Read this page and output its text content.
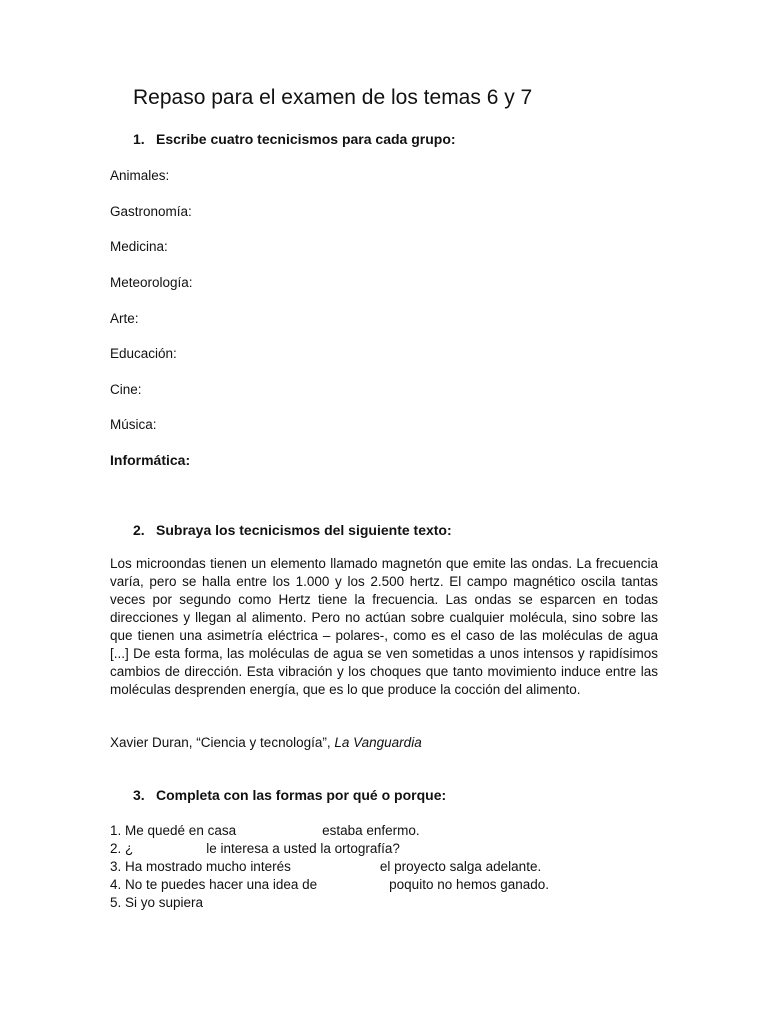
Repaso para el examen de los temas 6 y 7
1. Escribe cuatro tecnicismos para cada grupo:
Animales:
Gastronomía:
Medicina:
Meteorología:
Arte:
Educación:
Cine:
Música:
Informática:
2. Subraya los tecnicismos del siguiente texto:

Los microondas tienen un elemento llamado magnetón que emite las ondas. La frecuencia varía, pero se halla entre los 1.000 y los 2.500 hertz. El campo magnético oscila tantas veces por segundo como Hertz tiene la frecuencia. Las ondas se esparcen en todas direcciones y llegan al alimento. Pero no actúan sobre cualquier molécula, sino sobre las que tienen una asimetría eléctrica – polares-, como es el caso de las moléculas de agua [...] De esta forma, las moléculas de agua se ven sometidas a unos intensos y rapidísimos cambios de dirección. Esta vibración y los choques que tanto movimiento induce entre las moléculas desprenden energía, que es lo que produce la cocción del alimento.

Xavier Duran, “Ciencia y tecnología”, La Vanguardia
3. Completa con las formas por qué o porque:
1. Me quedé en casa	estaba enfermo.
2. ¿	le interesa a usted la ortografía?
3. Ha mostrado mucho interés	el proyecto salga adelante.
4. No te puedes hacer una idea de	poquito no hemos ganado.
5. Si yo supiera
